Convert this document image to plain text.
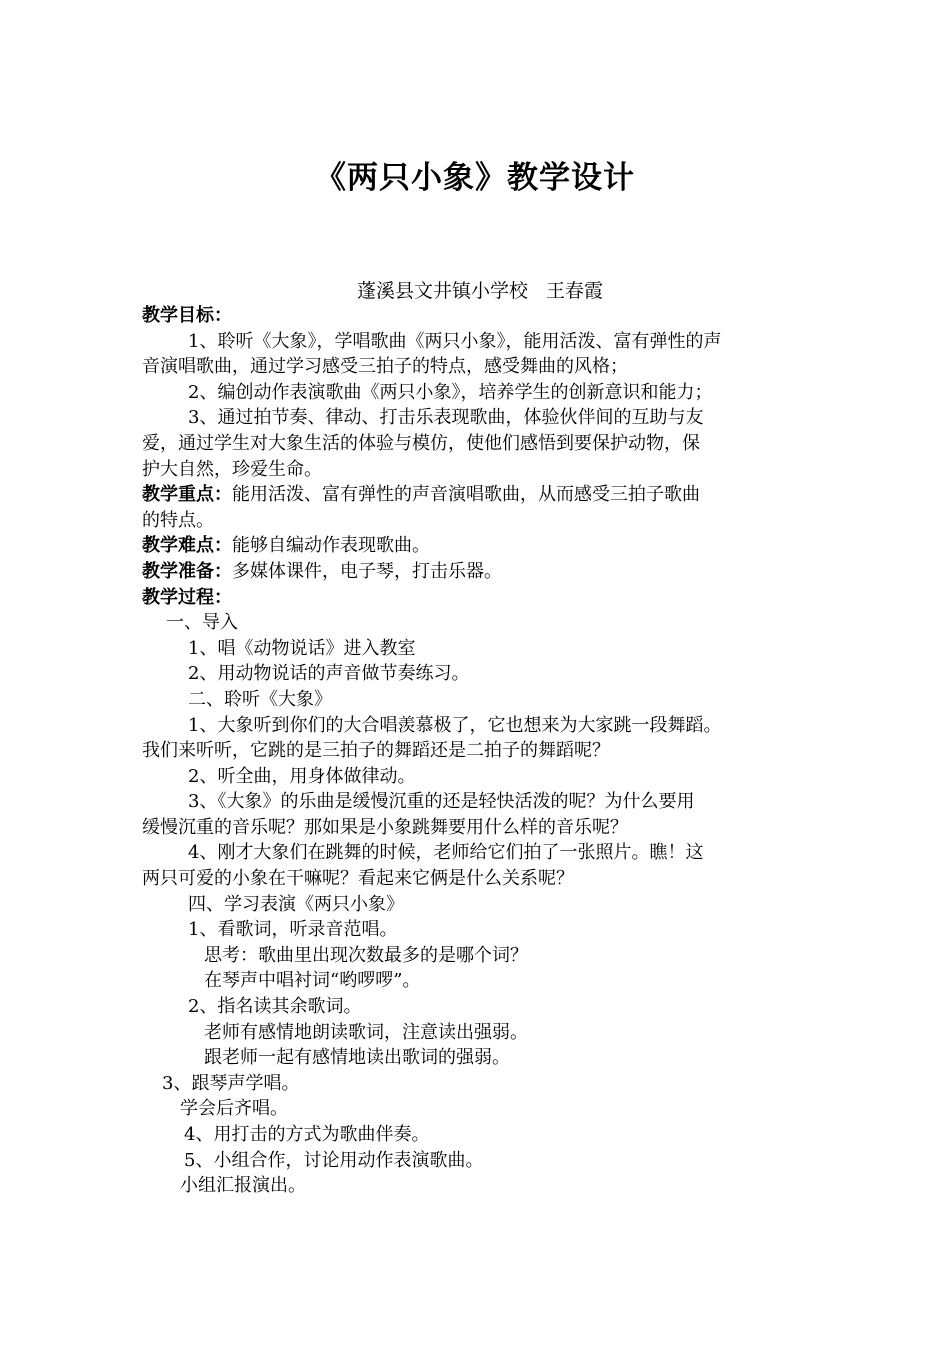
《两只小象》教学设计
蓬溪县文井镇小学校   王春霞
教学目标：
1、聆听《大象》，学唱歌曲《两只小象》，能用活泼、富有弹性的声
音演唱歌曲，通过学习感受三拍子的特点，感受舞曲的风格；
2、编创动作表演歌曲《两只小象》，培养学生的创新意识和能力；
3、通过拍节奏、律动、打击乐表现歌曲，体验伙伴间的互助与友
爱，通过学生对大象生活的体验与模仿，使他们感悟到要保护动物，保
护大自然，珍爱生命。
教学重点：能用活泼、富有弹性的声音演唱歌曲，从而感受三拍子歌曲
的特点。
教学难点：能够自编动作表现歌曲。
教学准备：多媒体课件，电子琴，打击乐器。
教学过程：
一、导入
1、唱《动物说话》进入教室
2、用动物说话的声音做节奏练习。
二、聆听《大象》
1、大象听到你们的大合唱羡慕极了，它也想来为大家跳一段舞蹈。
我们来听听，它跳的是三拍子的舞蹈还是二拍子的舞蹈呢？
2、听全曲，用身体做律动。
3、《大象》的乐曲是缓慢沉重的还是轻快活泼的呢？为什么要用
缓慢沉重的音乐呢？那如果是小象跳舞要用什么样的音乐呢？
4、刚才大象们在跳舞的时候，老师给它们拍了一张照片。瞧！这
两只可爱的小象在干嘛呢？看起来它俩是什么关系呢？
四、学习表演《两只小象》
1、看歌词，听录音范唱。
思考：歌曲里出现次数最多的是哪个词？
在琴声中唱衬词“哟啰啰”。
2、指名读其余歌词。
老师有感情地朗读歌词，注意读出强弱。
跟老师一起有感情地读出歌词的强弱。
3、跟琴声学唱。
学会后齐唱。
4、用打击的方式为歌曲伴奏。
5、小组合作，讨论用动作表演歌曲。
小组汇报演出。
